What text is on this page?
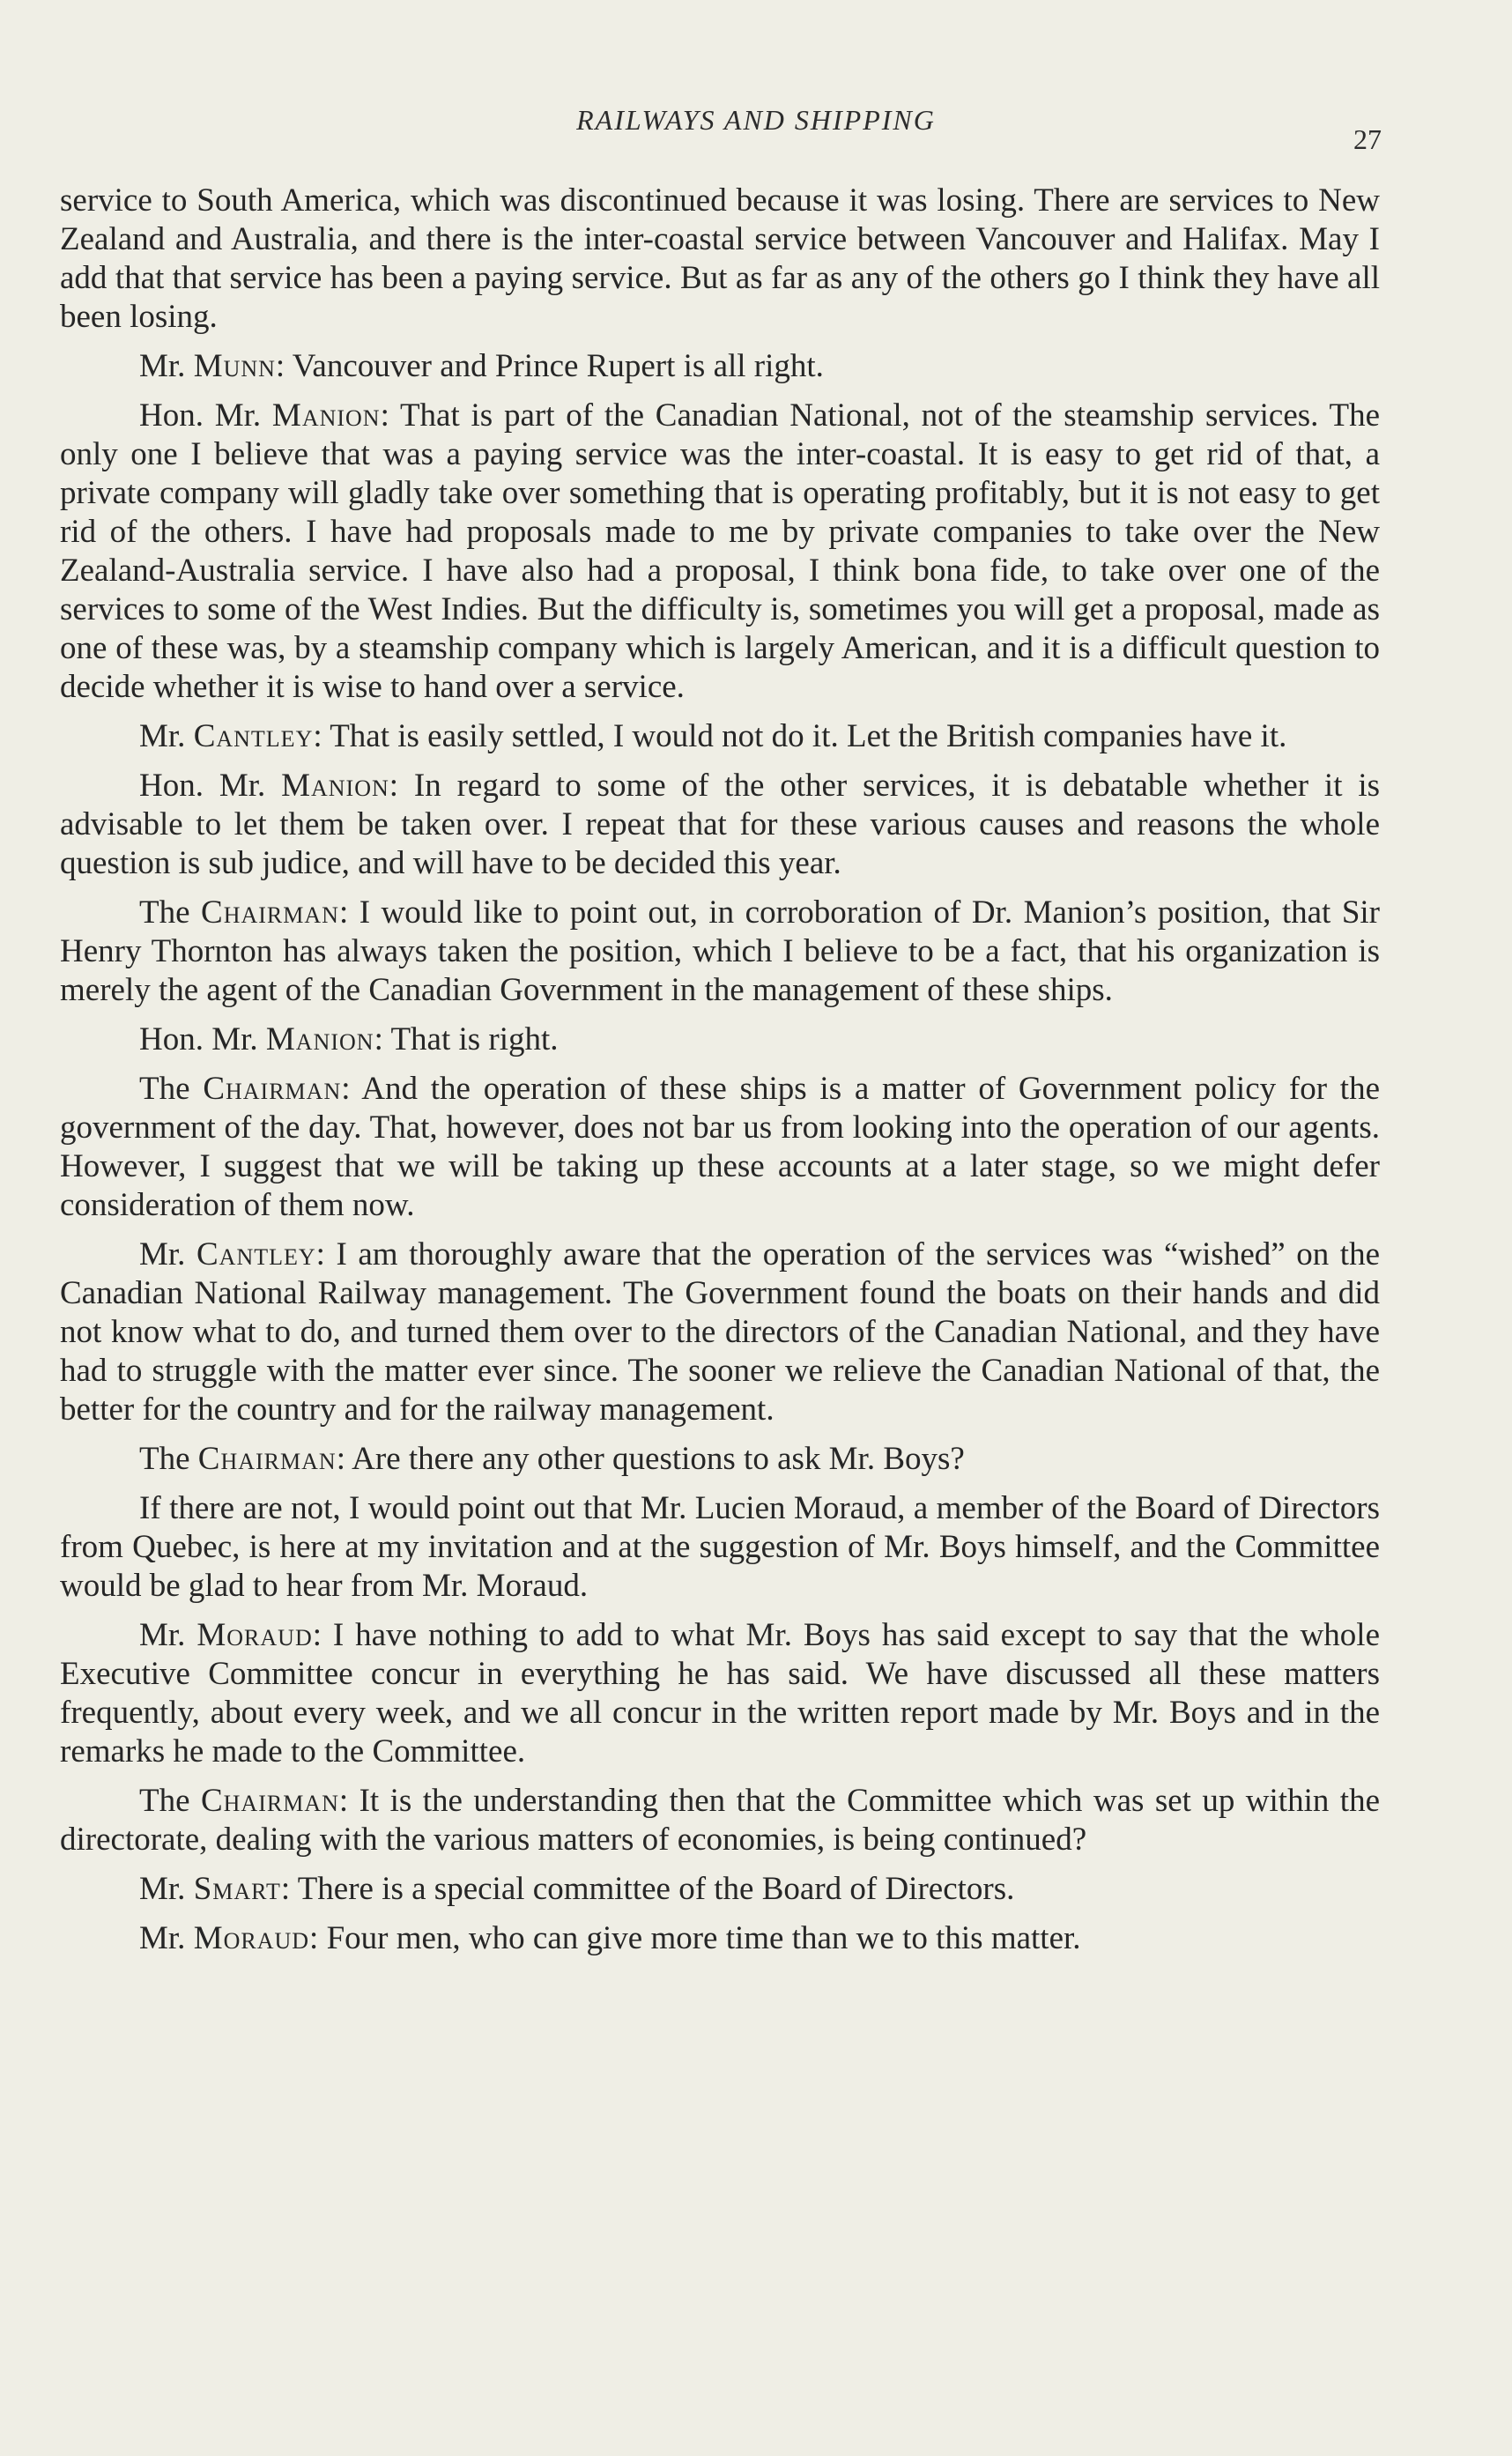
RAILWAYS AND SHIPPING
27

service to South America, which was discontinued because it was losing. There are services to New Zealand and Australia, and there is the inter-coastal service between Vancouver and Halifax. May I add that that service has been a paying service. But as far as any of the others go I think they have all been losing.

Mr. Munn: Vancouver and Prince Rupert is all right.

Hon. Mr. Manion: That is part of the Canadian National, not of the steamship services. The only one I believe that was a paying service was the inter-coastal. It is easy to get rid of that, a private company will gladly take over something that is operating profitably, but it is not easy to get rid of the others. I have had proposals made to me by private companies to take over the New Zealand-Australia service. I have also had a proposal, I think bona fide, to take over one of the services to some of the West Indies. But the difficulty is, sometimes you will get a proposal, made as one of these was, by a steamship company which is largely American, and it is a difficult question to decide whether it is wise to hand over a service.

Mr. Cantley: That is easily settled, I would not do it. Let the British companies have it.

Hon. Mr. Manion: In regard to some of the other services, it is debatable whether it is advisable to let them be taken over. I repeat that for these various causes and reasons the whole question is sub judice, and will have to be decided this year.

The Chairman: I would like to point out, in corroboration of Dr. Manion’s position, that Sir Henry Thornton has always taken the position, which I believe to be a fact, that his organization is merely the agent of the Canadian Government in the management of these ships.

Hon. Mr. Manion: That is right.

The Chairman: And the operation of these ships is a matter of Government policy for the government of the day. That, however, does not bar us from looking into the operation of our agents. However, I suggest that we will be taking up these accounts at a later stage, so we might defer consideration of them now.

Mr. Cantley: I am thoroughly aware that the operation of the services was “wished” on the Canadian National Railway management. The Government found the boats on their hands and did not know what to do, and turned them over to the directors of the Canadian National, and they have had to struggle with the matter ever since. The sooner we relieve the Canadian National of that, the better for the country and for the railway management.

The Chairman: Are there any other questions to ask Mr. Boys?

If there are not, I would point out that Mr. Lucien Moraud, a member of the Board of Directors from Quebec, is here at my invitation and at the suggestion of Mr. Boys himself, and the Committee would be glad to hear from Mr. Moraud.

Mr. Moraud: I have nothing to add to what Mr. Boys has said except to say that the whole Executive Committee concur in everything he has said. We have discussed all these matters frequently, about every week, and we all concur in the written report made by Mr. Boys and in the remarks he made to the Committee.

The Chairman: It is the understanding then that the Committee which was set up within the directorate, dealing with the various matters of economies, is being continued?

Mr. Smart: There is a special committee of the Board of Directors.

Mr. Moraud: Four men, who can give more time than we to this matter.
